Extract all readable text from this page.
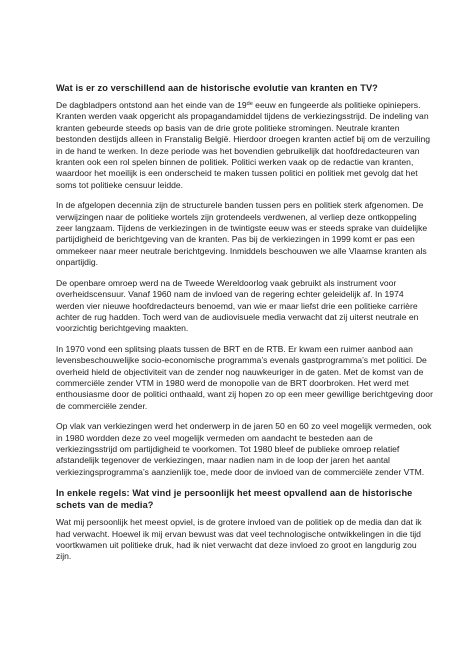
Wat is er zo verschillend aan de historische evolutie van kranten en TV?
De dagbladpers ontstond aan het einde van de 19de eeuw en fungeerde als politieke opiniepers. Kranten werden vaak opgericht als propagandamiddel tijdens de verkiezingsstrijd. De indeling van kranten gebeurde steeds op basis van de drie grote politieke stromingen. Neutrale kranten bestonden destijds alleen in Franstalig België. Hierdoor droegen kranten actief bij om de verzuiling in de hand te werken. In deze periode was het bovendien gebruikelijk dat hoofdredacteuren van kranten ook een rol spelen binnen de politiek. Politici werken vaak op de redactie van kranten, waardoor het moeilijk is een onderscheid te maken tussen politici en politiek met gevolg dat het soms tot politieke censuur leidde.
In de afgelopen decennia zijn de structurele banden tussen pers en politiek sterk afgenomen. De verwijzingen naar de politieke wortels zijn grotendeels verdwenen, al verliep deze ontkoppeling zeer langzaam. Tijdens de verkiezingen in de twintigste eeuw was er steeds sprake van duidelijke partijdigheid de berichtgeving van de kranten. Pas bij de verkiezingen in 1999 komt er pas een ommekeer naar meer neutrale berichtgeving. Inmiddels beschouwen we alle Vlaamse kranten als onpartijdig.
De openbare omroep werd na de Tweede Wereldoorlog vaak gebruikt als instrument voor overheidscensuur. Vanaf 1960 nam de invloed van de regering echter geleidelijk af. In 1974 werden vier nieuwe hoofdredacteurs benoemd, van wie er maar liefst drie een politieke carrière achter de rug hadden. Toch werd van de audiovisuele media verwacht dat zij uiterst neutrale en voorzichtig berichtgeving maakten.
In 1970 vond een splitsing plaats tussen de BRT en de RTB. Er kwam een ruimer aanbod aan levensbeschouwelijke socio-economische programma’s evenals gastprogramma’s met politici. De overheid hield de objectiviteit van de zender nog nauwkeuriger in de gaten. Met de komst van de commerciële zender VTM in 1980 werd de monopolie van de BRT doorbroken. Het werd met enthousiasme door de politici onthaald, want zij hopen zo op een meer gewillige berichtgeving door de commerciële zender.
Op vlak van verkiezingen werd het onderwerp in de jaren 50 en 60 zo veel mogelijk vermeden, ook in 1980 wordden deze zo veel mogelijk vermeden om aandacht te besteden aan de verkiezingsstrijd om partijdigheid te voorkomen. Tot 1980 bleef de publieke omroep relatief afstandelijk tegenover de verkiezingen, maar nadien nam in de loop der jaren het aantal verkiezingsprogramma’s aanzienlijk toe, mede door de invloed van de commerciële zender VTM.
In enkele regels: Wat vind je persoonlijk het meest opvallend aan de historische schets van de media?
Wat mij persoonlijk het meest opviel, is de grotere invloed van de politiek op de media dan dat ik had verwacht. Hoewel ik mij ervan bewust was dat veel technologische ontwikkelingen in die tijd voortkwamen uit politieke druk, had ik niet verwacht dat deze invloed zo groot en langdurig zou zijn.
